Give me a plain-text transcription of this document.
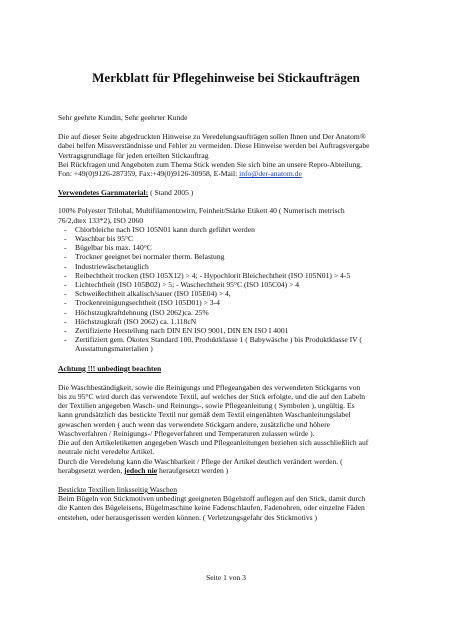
Merkblatt für Pflegehinweise bei Stickaufträgen

Sehr geehrte Kundin, Sehr geehrter Kunde

Die auf dieser Seite abgedruckten Hinweise zu Veredelungsaufträgen sollen Ihnen und Der Anatom®

dabei helfen Missverständnisse und Fehler zu vermeiden. Diese Hinweise werden bei Auftragsvergabe

Vertragsgrundlage für jeden erteilten Stickauftrag

Bei Rückfragen und Angeboten zum Thema Stick wenden Sie sich bitte an unsere Repro-Abteilung,

Fon: +49(0)9126-287359, Fax:+49(0)9126-30958, E-Mail: info@der-anatom.de

Verwendetes Garnmaterial: ( Stand 2005 )

100% Polyester Trilobal, Multifilamentzwirn, Feinheit/Stärke Etikett 40 ( Numerisch metrisch

76/2,dtex 133*2), ISO 2060

- Chlorbleiche nach ISO 105N01 kann durch geführt werden
- Waschbar bis 95°C
- Bügelbar bis max. 140°C
- Trockner geeignet bei normaler therm. Belastung
- Industriewäschetauglich
- Reibechtheit trocken (ISO 105X12) > 4; - Hypochlorit Bleichechtheit (ISO 105N01) > 4-5
- Lichtechtheit (ISO 105B02) > 5; - Waschechtheit 95°C (ISO 105C04) > 4
- Schweißechtheit alkalisch/sauer (ISO 105E04) > 4,
- Trockenreinigungsechtheit (ISO 105D01) > 3-4
- Höchstzugkraftdehnung (ISO 2062)ca. 25%
- Höchstzugkraft (ISO 2062) ca. 1.118cN
- Zertifizierte Herstellung nach DIN EN ISO 9001, DIN EN ISO I 4001
- Zertifiziert gem. Ökotex Standard 100, Produktklasse 1 ( Babywäsche ) bis Produktklasse IV (
Ausstattungsmaterialien )

Achtung !!! unbedingt beachten

Die Waschbeständigkeit, sowie die Reinigungs und Pflegeangaben des verwendeten Stickgarns von

bis zu 95°C wird durch das verwendete Textil, auf welches der Stick erfolgte, und die auf den Labeln

der Textilien angegeben Wasch- und Reinungs-, sowie Pflegeanleitung ( Symbolen ), ungültig. Es

kann grundsätzlich das bestickte Textil nur gemäß dem Textil eingenähten Waschanleitungslabel

gewaschen werden ( auch wenn das verwendete Stickgarn andere, zusätzliche und höhere

Waschverfahren / Reinigungs-/ Pflegeverfahren und Temperaturen zulassen würde ).

Die auf den Artikeletiketten angegeben Wasch und Pflegeanleitungen beziehen sich ausschließlich auf

neutrale nicht veredelte Artikel.

Durch die Veredelung kann die Waschbarkeit / Pflege der Artikel deutlich verändert werden. (

herabgesetzt werden, jedoch nie heraufgesetzt werden )

Bestickte Textilien linksseitig Waschen

Beim Bügeln von Stickmotiven unbedingt geeigneten Bügelstoff auflegen auf den Stick, damit durch

die Kanten des Bügeleisens, Bügelmaschine keine Fadenschlaufen, Fadenohren, oder einzelne Fäden

entstehen, oder herausgerissen werden können. ( Verletzungsgefahr des Stickmotivs )

Seite 1 von 3
